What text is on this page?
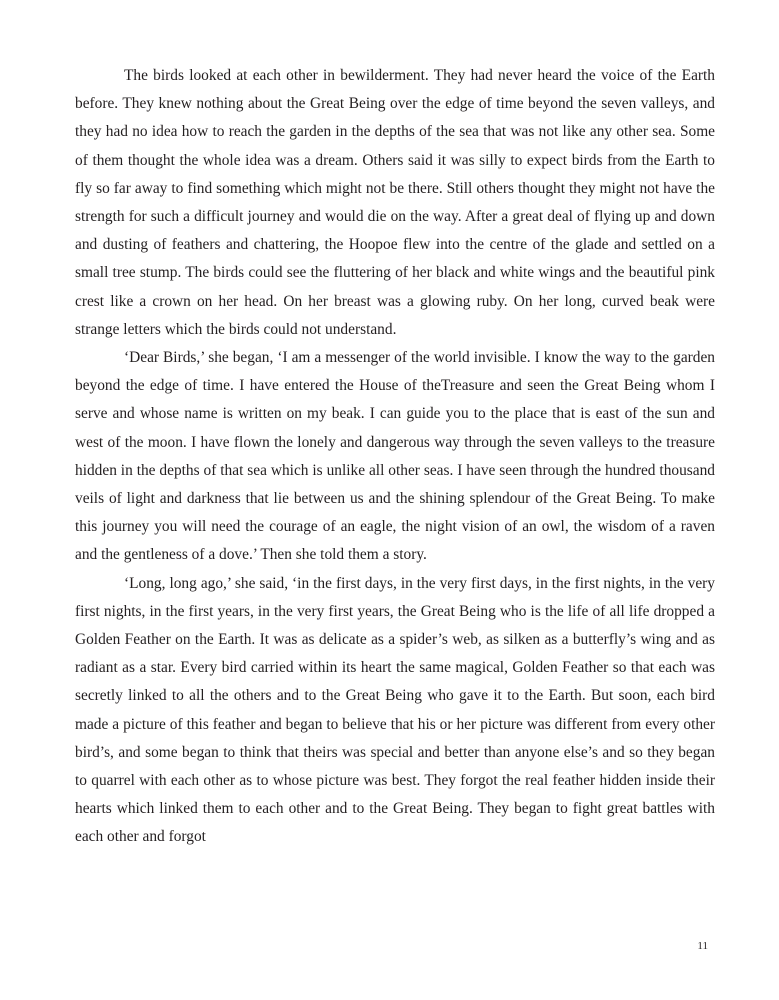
The birds looked at each other in bewilderment. They had never heard the voice of the Earth before. They knew nothing about the Great Being over the edge of time beyond the seven valleys, and they had no idea how to reach the garden in the depths of the sea that was not like any other sea. Some of them thought the whole idea was a dream. Others said it was silly to expect birds from the Earth to fly so far away to find something which might not be there. Still others thought they might not have the strength for such a difficult journey and would die on the way. After a great deal of flying up and down and dusting of feathers and chattering, the Hoopoe flew into the centre of the glade and settled on a small tree stump. The birds could see the fluttering of her black and white wings and the beautiful pink crest like a crown on her head. On her breast was a glowing ruby. On her long, curved beak were strange letters which the birds could not understand.

‘Dear Birds,’ she began, ‘I am a messenger of the world invisible. I know the way to the garden beyond the edge of time. I have entered the House of theTreasure and seen the Great Being whom I serve and whose name is written on my beak. I can guide you to the place that is east of the sun and west of the moon. I have flown the lonely and dangerous way through the seven valleys to the treasure hidden in the depths of that sea which is unlike all other seas. I have seen through the hundred thousand veils of light and darkness that lie between us and the shining splendour of the Great Being. To make this journey you will need the courage of an eagle, the night vision of an owl, the wisdom of a raven and the gentleness of a dove.’ Then she told them a story.

‘Long, long ago,’ she said, ‘in the first days, in the very first days, in the first nights, in the very first nights, in the first years, in the very first years, the Great Being who is the life of all life dropped a Golden Feather on the Earth. It was as delicate as a spider’s web, as silken as a butterfly’s wing and as radiant as a star. Every bird carried within its heart the same magical, Golden Feather so that each was secretly linked to all the others and to the Great Being who gave it to the Earth. But soon, each bird made a picture of this feather and began to believe that his or her picture was different from every other bird’s, and some began to think that theirs was special and better than anyone else’s and so they began to quarrel with each other as to whose picture was best. They forgot the real feather hidden inside their hearts which linked them to each other and to the Great Being. They began to fight great battles with each other and forgot

11
